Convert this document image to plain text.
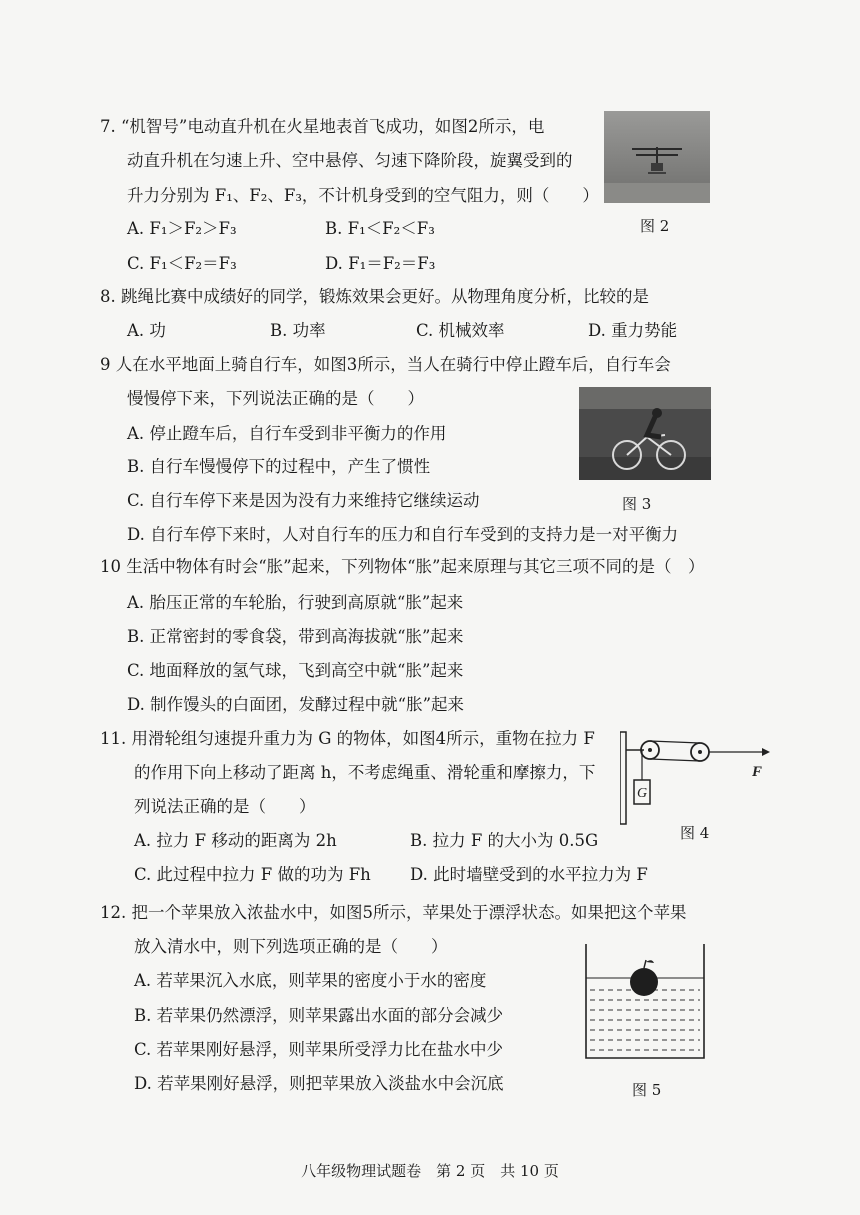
7. “机智号”电动直升机在火星地表首飞成功，如图2所示，电
动直升机在匀速上升、空中悬停、匀速下降阶段，旋翼受到的
升力分别为 F₁、F₂、F₃，不计机身受到的空气阻力，则（　　）
A. F₁＞F₂＞F₃	B. F₁＜F₂＜F₃
C. F₁＜F₂＝F₃	D. F₁＝F₂＝F₃
图 2
8. 跳绳比赛中成绩好的同学，锻炼效果会更好。从物理角度分析，比较的是
A. 功	B. 功率	C. 机械效率	D. 重力势能
9 人在水平地面上骑自行车，如图3所示，当人在骑行中停止蹬车后，自行车会
慢慢停下来，下列说法正确的是（　　）
A. 停止蹬车后，自行车受到非平衡力的作用
B. 自行车慢慢停下的过程中，产生了惯性
C. 自行车停下来是因为没有力来维持它继续运动
D. 自行车停下来时，人对自行车的压力和自行车受到的支持力是一对平衡力
图 3
10 生活中物体有时会“胀”起来，下列物体“胀”起来原理与其它三项不同的是（　）
A. 胎压正常的车轮胎，行驶到高原就“胀”起来
B. 正常密封的零食袋，带到高海拔就“胀”起来
C. 地面释放的氢气球，飞到高空中就“胀”起来
D. 制作馒头的白面团，发酵过程中就“胀”起来
11. 用滑轮组匀速提升重力为 G 的物体，如图4所示，重物在拉力 F
的作用下向上移动了距离 h，不考虑绳重、滑轮重和摩擦力，下
列说法正确的是（　　）
A. 拉力 F 移动的距离为 2h	B. 拉力 F 的大小为 0.5G
C. 此过程中拉力 F 做的功为 Fh D. 此时墙壁受到的水平拉力为 F
G
F
图 4
12. 把一个苹果放入浓盐水中，如图5所示，苹果处于漂浮状态。如果把这个苹果
放入清水中，则下列选项正确的是（　　）
A. 若苹果沉入水底，则苹果的密度小于水的密度
B. 若苹果仍然漂浮，则苹果露出水面的部分会减少
C. 若苹果刚好悬浮，则苹果所受浮力比在盐水中少
D. 若苹果刚好悬浮，则把苹果放入淡盐水中会沉底	图 5
八年级物理试题卷　第 2 页　共 10 页
